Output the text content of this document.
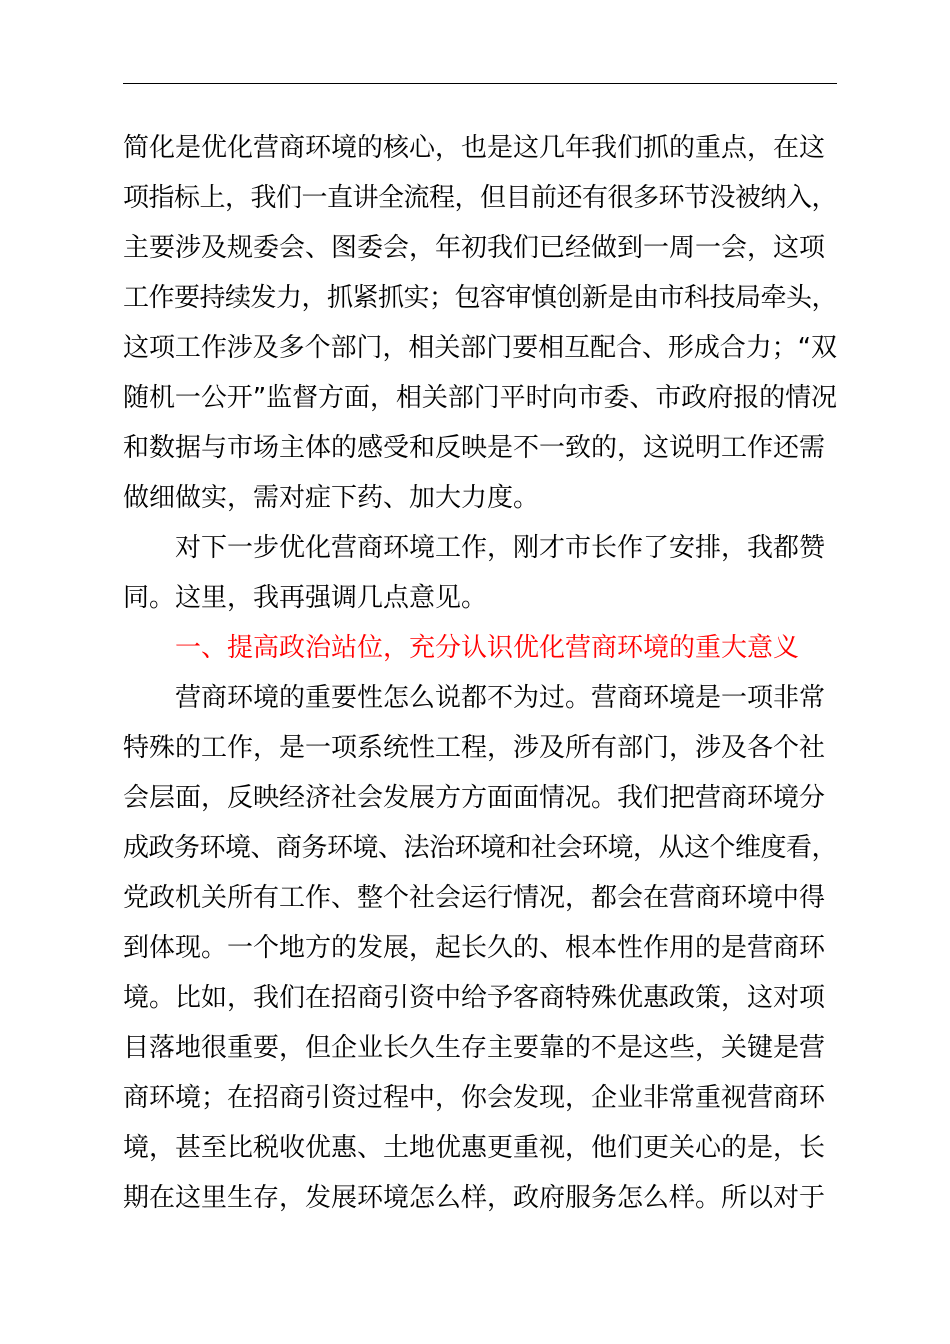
简化是优化营商环境的核心，也是这几年我们抓的重点，在这
项指标上，我们一直讲全流程，但目前还有很多环节没被纳入，
主要涉及规委会、图委会，年初我们已经做到一周一会，这项
工作要持续发力，抓紧抓实；包容审慎创新是由市科技局牵头，
这项工作涉及多个部门，相关部门要相互配合、形成合力；“双
随机一公开”监督方面，相关部门平时向市委、市政府报的情况
和数据与市场主体的感受和反映是不一致的，这说明工作还需
做细做实，需对症下药、加大力度。
　　对下一步优化营商环境工作，刚才市长作了安排，我都赞
同。这里，我再强调几点意见。
　　一、提高政治站位，充分认识优化营商环境的重大意义
　　营商环境的重要性怎么说都不为过。营商环境是一项非常
特殊的工作，是一项系统性工程，涉及所有部门，涉及各个社
会层面，反映经济社会发展方方面面情况。我们把营商环境分
成政务环境、商务环境、法治环境和社会环境，从这个维度看，
党政机关所有工作、整个社会运行情况，都会在营商环境中得
到体现。一个地方的发展，起长久的、根本性作用的是营商环
境。比如，我们在招商引资中给予客商特殊优惠政策，这对项
目落地很重要，但企业长久生存主要靠的不是这些，关键是营
商环境；在招商引资过程中，你会发现，企业非常重视营商环
境，甚至比税收优惠、土地优惠更重视，他们更关心的是，长
期在这里生存，发展环境怎么样，政府服务怎么样。所以对于
